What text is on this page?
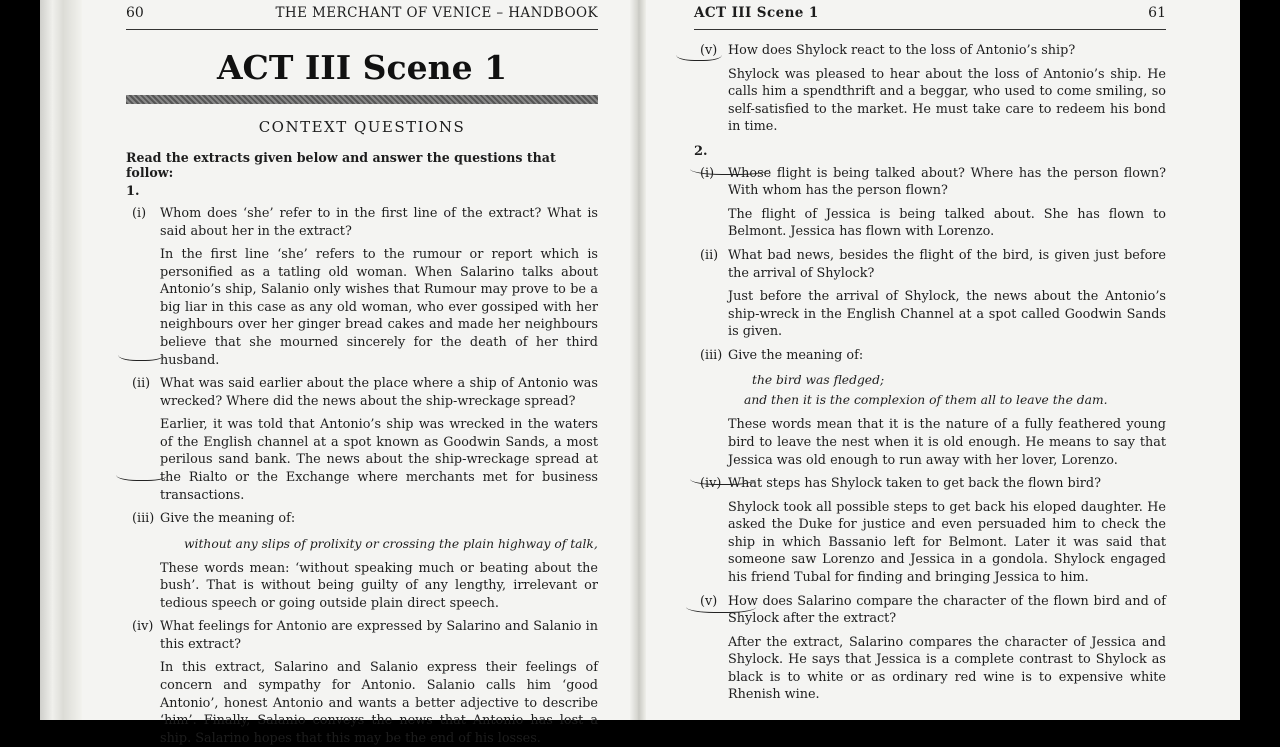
60	THE MERCHANT OF VENICE – HANDBOOK
ACT III Scene 1
CONTEXT QUESTIONS
Read the extracts given below and answer the questions that follow:
1.
(i)	Whom does ‘she’ refer to in the first line of the extract? What is said about her in the extract?
In the first line ‘she’ refers to the rumour or report which is personified as a tatling old woman. When Salarino talks about Antonio’s ship, Salanio only wishes that Rumour may prove to be a big liar in this case as any old woman, who ever gossiped with her neighbours over her ginger bread cakes and made her neighbours believe that she mourned sincerely for the death of her third husband.
(ii) What was said earlier about the place where a ship of Antonio was wrecked? Where did the news about the ship-wreckage spread?
Earlier, it was told that Antonio’s ship was wrecked in the waters of the English channel at a spot known as Goodwin Sands, a most perilous sand bank. The news about the ship-wreckage spread at the Rialto or the Exchange where merchants met for business transactions.
(iii) Give the meaning of:
without any slips of prolixity or crossing the plain highway of talk,
These words mean: ‘without speaking much or beating about the bush’. That is without being guilty of any lengthy, irrelevant or tedious speech or going outside plain direct speech.
(iv) What feelings for Antonio are expressed by Salarino and Salanio in this extract?
In this extract, Salarino and Salanio express their feelings of concern and sympathy for Antonio. Salanio calls him ‘good Antonio’, honest Antonio and wants a better adjective to describe ‘him’. Finally, Salanio conveys the news that Antonio has lost a ship. Salarino hopes that this may be the end of his losses.
ACT III Scene 1	61
(v) How does Shylock react to the loss of Antonio’s ship?
Shylock was pleased to hear about the loss of Antonio’s ship. He calls him a spendthrift and a beggar, who used to come smiling, so self-satisfied to the market. He must take care to redeem his bond in time.
2.
(i)	Whose flight is being talked about? Where has the person flown? With whom has the person flown?
The flight of Jessica is being talked about. She has flown to Belmont. Jessica has flown with Lorenzo.
(ii) What bad news, besides the flight of the bird, is given just before the arrival of Shylock?
Just before the arrival of Shylock, the news about the Antonio’s ship-wreck in the English Channel at a spot called Goodwin Sands is given.
(iii) Give the meaning of:
the bird was fledged;
and then it is the complexion of them all to leave the dam.
These words mean that it is the nature of a fully feathered young bird to leave the nest when it is old enough. He means to say that Jessica was old enough to run away with her lover, Lorenzo.
(iv) What steps has Shylock taken to get back the flown bird?
Shylock took all possible steps to get back his eloped daughter. He asked the Duke for justice and even persuaded him to check the ship in which Bassanio left for Belmont. Later it was said that someone saw Lorenzo and Jessica in a gondola. Shylock engaged his friend Tubal for finding and bringing Jessica to him.
(v) How does Salarino compare the character of the flown bird and of Shylock after the extract?
After the extract, Salarino compares the character of Jessica and Shylock. He says that Jessica is a complete contrast to Shylock as black is to white or as ordinary red wine is to expensive white Rhenish wine.
